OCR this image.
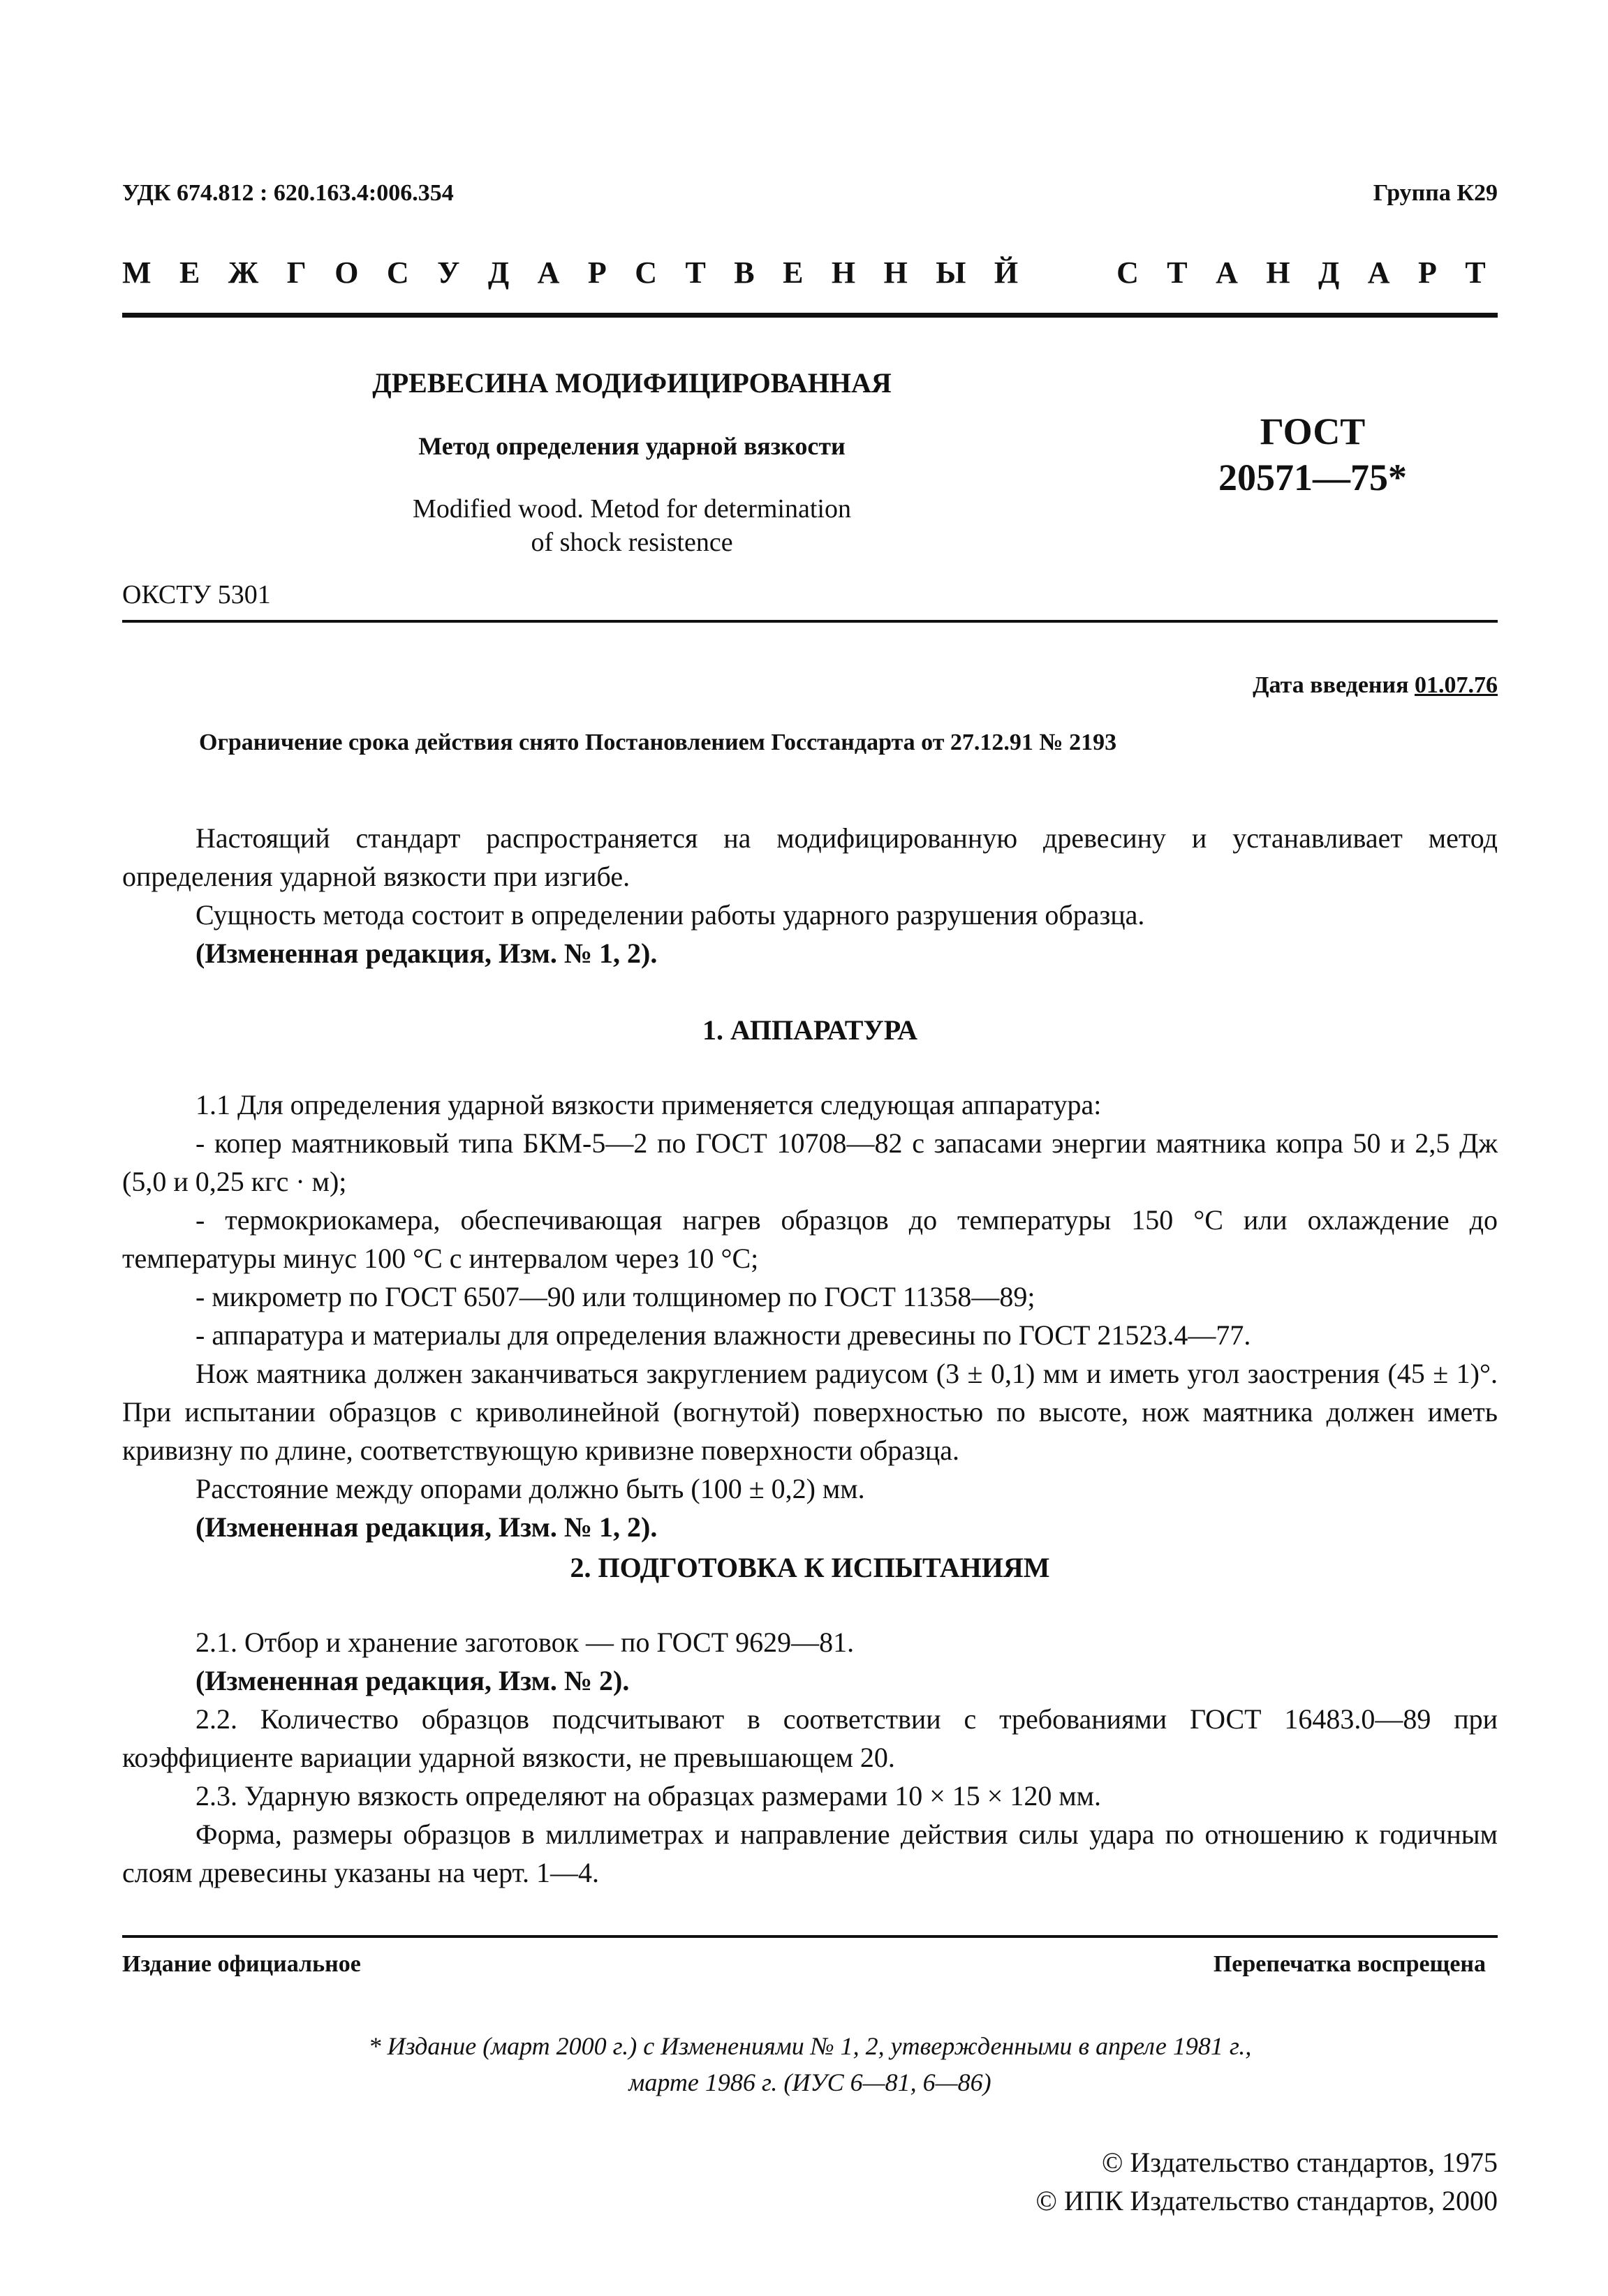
УДК 674.812 : 620.163.4:006.354	Группа К29
М Е Ж Г О С У Д А Р С Т В Е Н Н Ы Й	С Т А Н Д А Р Т
ДРЕВЕСИНА МОДИФИЦИРОВАННАЯ
Метод определения ударной вязкости
Modified wood. Metod for determination
of shock resistence
ГОСТ
20571—75*
ОКСТУ 5301
Дата введения 01.07.76
Ограничение срока действия снято Постановлением Госстандарта от 27.12.91 № 2193

Настоящий стандарт распространяется на модифицированную древесину и устанавливает метод определения ударной вязкости при изгибе.

Сущность метода состоит в определении работы ударного разрушения образца.

(Измененная редакция, Изм. № 1, 2).

1. АППАРАТУРА

1.1 Для определения ударной вязкости применяется следующая аппаратура:

- копер маятниковый типа БКМ-5—2 по ГОСТ 10708—82 с запасами энергии маятника копра 50 и 2,5 Дж (5,0 и 0,25 кгс · м);

- термокриокамера, обеспечивающая нагрев образцов до температуры 150 °С или охлаждение до температуры минус 100 °С с интервалом через 10 °С;

- микрометр по ГОСТ 6507—90 или толщиномер по ГОСТ 11358—89;

- аппаратура и материалы для определения влажности древесины по ГОСТ 21523.4—77.

Нож маятника должен заканчиваться закруглением радиусом (3 ± 0,1) мм и иметь угол заострения (45 ± 1)°. При испытании образцов с криволинейной (вогнутой) поверхностью по высоте, нож маятника должен иметь кривизну по длине, соответствующую кривизне поверхности образца.

Расстояние между опорами должно быть (100 ± 0,2) мм.

(Измененная редакция, Изм. № 1, 2).

2. ПОДГОТОВКА К ИСПЫТАНИЯМ

2.1. Отбор и хранение заготовок — по ГОСТ 9629—81.

(Измененная редакция, Изм. № 2).

2.2. Количество образцов подсчитывают в соответствии с требованиями ГОСТ 16483.0—89 при коэффициенте вариации ударной вязкости, не превышающем 20.

2.3. Ударную вязкость определяют на образцах размерами 10 × 15 × 120 мм.

Форма, размеры образцов в миллиметрах и направление действия силы удара по отношению к годичным слоям древесины указаны на черт. 1—4.

Издание официальное	Перепечатка воспрещена
* Издание (март 2000 г.) с Изменениями № 1, 2, утвержденными в апреле 1981 г.,
марте 1986 г. (ИУС 6—81, 6—86)
© Издательство стандартов, 1975
© ИПК Издательство стандартов, 2000
